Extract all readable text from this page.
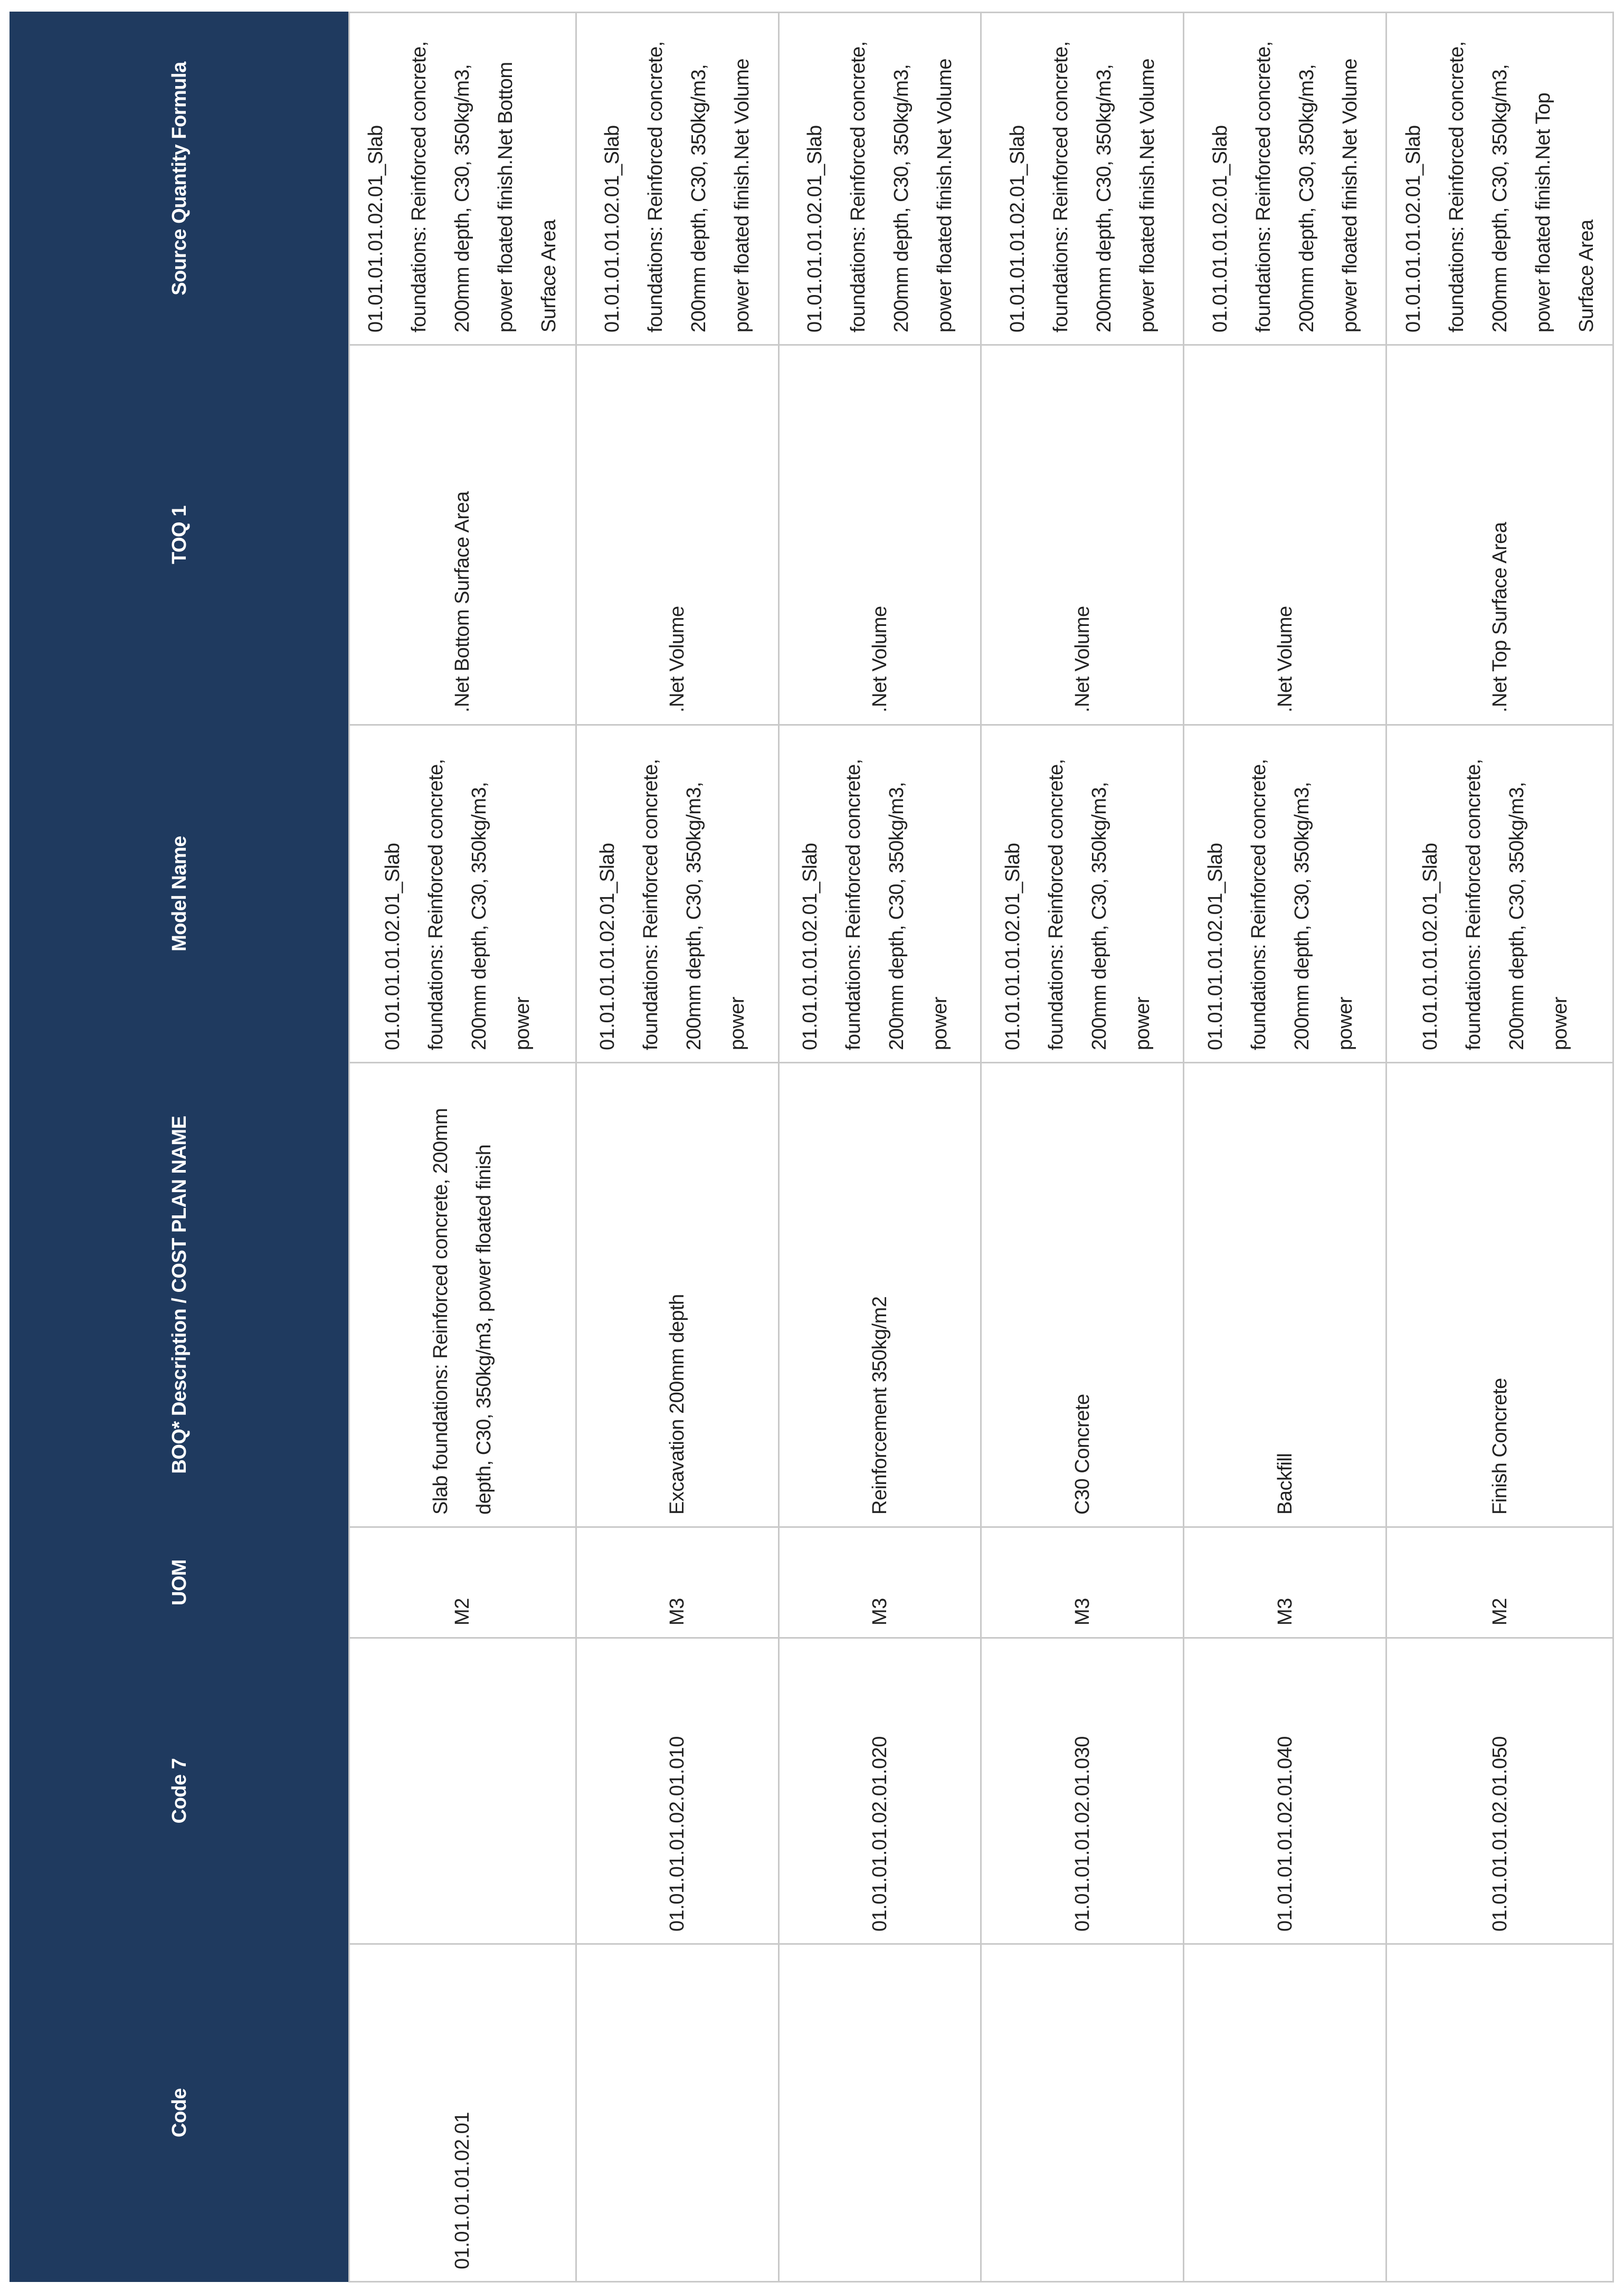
Code	Code 7	UOM	BOQ* Description / COST PLAN NAME	Model Name	TOQ 1	Source Quantity Formula
01.01.01.01.02.01		M2	Slab foundations: Reinforced concrete, 200mm depth, C30, 350kg/m3, power floated finish	01.01.01.01.02.01_Slab foundations: Reinforced concrete, 200mm depth, C30, 350kg/m3, power	.Net Bottom Surface Area	01.01.01.01.02.01_Slab foundations: Reinforced concrete, 200mm depth, C30, 350kg/m3, power floated finish.Net Bottom Surface Area
	01.01.01.01.02.01.010	M3	Excavation 200mm depth	01.01.01.01.02.01_Slab foundations: Reinforced concrete, 200mm depth, C30, 350kg/m3, power	.Net Volume	01.01.01.01.02.01_Slab foundations: Reinforced concrete, 200mm depth, C30, 350kg/m3, power floated finish.Net Volume
	01.01.01.01.02.01.020	M3	Reinforcement 350kg/m2	01.01.01.01.02.01_Slab foundations: Reinforced concrete, 200mm depth, C30, 350kg/m3, power	.Net Volume	01.01.01.01.02.01_Slab foundations: Reinforced concrete, 200mm depth, C30, 350kg/m3, power floated finish.Net Volume
	01.01.01.01.02.01.030	M3	C30 Concrete	01.01.01.01.02.01_Slab foundations: Reinforced concrete, 200mm depth, C30, 350kg/m3, power	.Net Volume	01.01.01.01.02.01_Slab foundations: Reinforced concrete, 200mm depth, C30, 350kg/m3, power floated finish.Net Volume
	01.01.01.01.02.01.040	M3	Backfill	01.01.01.01.02.01_Slab foundations: Reinforced concrete, 200mm depth, C30, 350kg/m3, power	.Net Volume	01.01.01.01.02.01_Slab foundations: Reinforced concrete, 200mm depth, C30, 350kg/m3, power floated finish.Net Volume
	01.01.01.01.02.01.050	M2	Finish Concrete	01.01.01.01.02.01_Slab foundations: Reinforced concrete, 200mm depth, C30, 350kg/m3, power	.Net Top Surface Area	01.01.01.01.02.01_Slab foundations: Reinforced concrete, 200mm depth, C30, 350kg/m3, power floated finish.Net Top Surface Area
